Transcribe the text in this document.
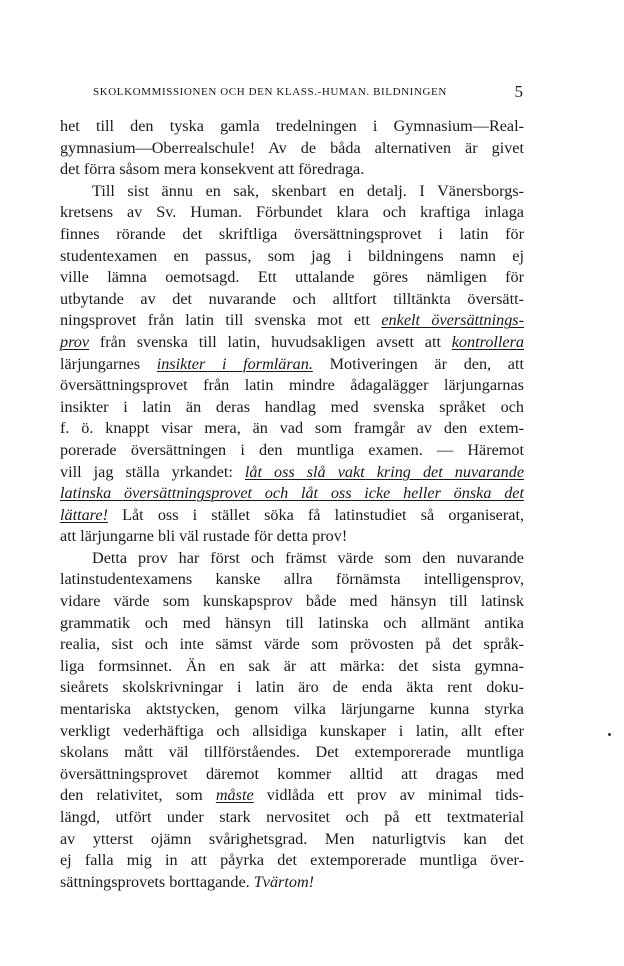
SKOLKOMMISSIONEN OCH DEN KLASS.-HUMAN. BILDNINGEN	5
het till den tyska gamla tredelningen i Gymnasium—Real-
gymnasium—Oberrealschule! Av de båda alternativen är givet
det förra såsom mera konsekvent att föredraga.
Till sist ännu en sak, skenbart en detalj. I Vänersborgs-
kretsens av Sv. Human. Förbundet klara och kraftiga inlaga
finnes rörande det skriftliga översättningsprovet i latin för
studentexamen en passus, som jag i bildningens namn ej
ville lämna oemotsagd. Ett uttalande göres nämligen för
utbytande av det nuvarande och alltfort tilltänkta översätt-
ningsprovet från latin till svenska mot ett enkelt översättnings-
prov från svenska till latin, huvudsakligen avsett att kontrollera
lärjungarnes insikter i formläran. Motiveringen är den, att
översättningsprovet från latin mindre ådagalägger lärjungarnas
insikter i latin än deras handlag med svenska språket och
f. ö. knappt visar mera, än vad som framgår av den extem-
porerade översättningen i den muntliga examen. — Häremot
vill jag ställa yrkandet: låt oss slå vakt kring det nuvarande
latinska översättningsprovet och låt oss icke heller önska det
lättare! Låt oss i stället söka få latinstudiet så organiserat,
att lärjungarne bli väl rustade för detta prov!
Detta prov har först och främst värde som den nuvarande
latinstudentexamens kanske allra förnämsta intelligensprov,
vidare värde som kunskapsprov både med hänsyn till latinsk
grammatik och med hänsyn till latinska och allmänt antika
realia, sist och inte sämst värde som prövosten på det språk-
liga formsinnet. Än en sak är att märka: det sista gymna-
sieårets skolskrivningar i latin äro de enda äkta rent doku-
mentariska aktstycken, genom vilka lärjungarne kunna styrka
verkligt vederhäftiga och allsidiga kunskaper i latin, allt efter
skolans mått väl tillförståendes. Det extemporerade muntliga
översättningsprovet däremot kommer alltid att dragas med
den relativitet, som måste vidlåda ett prov av minimal tids-
längd, utfört under stark nervositet och på ett textmaterial
av ytterst ojämn svårighetsgrad. Men naturligtvis kan det
ej falla mig in att påyrka det extemporerade muntliga över-
sättningsprovets borttagande. Tvärtom!
